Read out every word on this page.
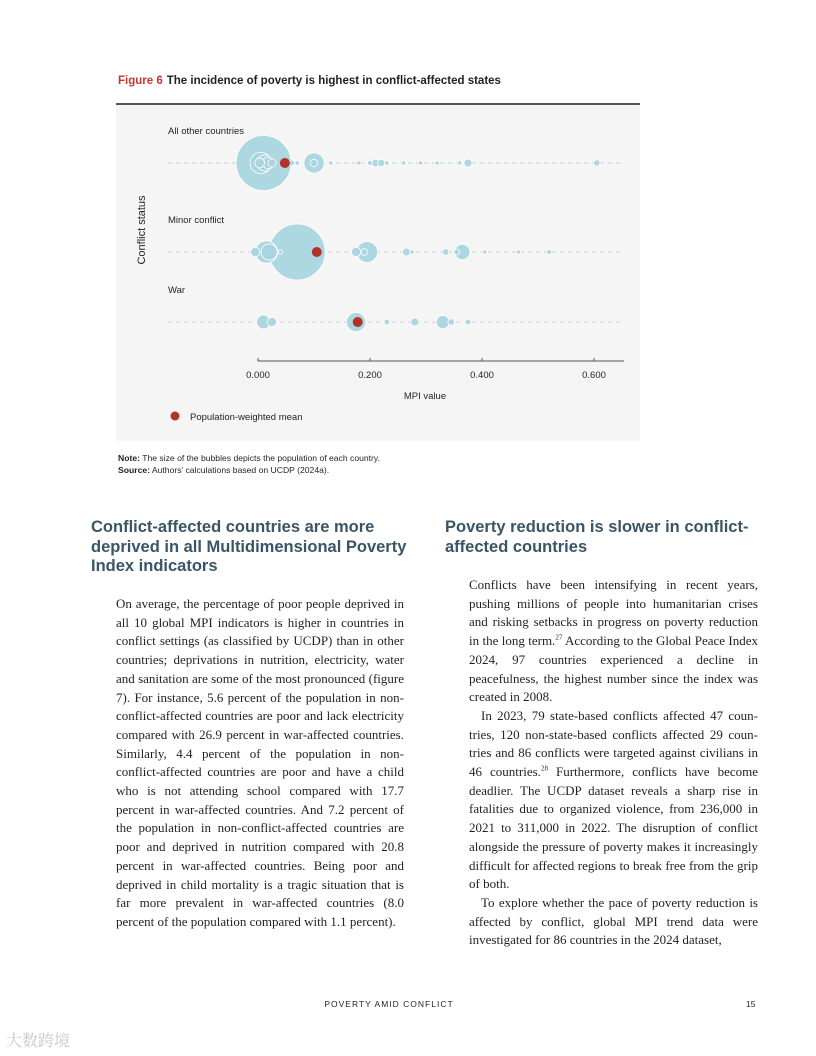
Figure 6 The incidence of poverty is highest in conflict-affected states
Conflict status
All other countries
Minor conflict
War
0.000	0.200	0.400	0.600
MPI value
Population-weighted mean
Note: The size of the bubbles depicts the population of each country.
Source: Authors’ calculations based on UCDP (2024a).
Conflict-affected countries are more deprived in all Multidimensional Poverty Index indicators

On average, the percentage of poor people deprived in all 10 global MPI indicators is higher in countries in conflict settings (as classified by UCDP) than in other countries; deprivations in nutrition, electricity, water and sanitation are some of the most pronounced (figure 7). For instance, 5.6 percent of the population in non-conflict-affected countries are poor and lack electricity compared with 26.9 percent in war-affected countries. Similarly, 4.4 percent of the population in non-conflict-affected countries are poor and have a child who is not attending school compared with 17.7 percent in war-affected countries. And 7.2 percent of the population in non-conflict-affected countries are poor and deprived in nutrition compared with 20.8 percent in war-affected countries. Being poor and deprived in child mortality is a tragic situation that is far more prevalent in war-affected countries (8.0 percent of the population compared with 1.1 percent).

Poverty reduction is slower in conflict-affected countries

Conflicts have been intensifying in recent years, pushing millions of people into humanitarian crises and risking setbacks in progress on poverty reduction in the long term.$^{27}$ According to the Global Peace Index 2024, 97 countries experienced a decline in peacefulness, the highest number since the index was created in 2008.

In 2023, 79 state-based conflicts affected 47 countries, 120 non-state-based conflicts affected 29 countries and 86 conflicts were targeted against civilians in 46 countries.$^{28}$ Furthermore, conflicts have become deadlier. The UCDP dataset reveals a sharp rise in fatalities due to organized violence, from 236,000 in 2021 to 311,000 in 2022. The disruption of conflict alongside the pressure of poverty makes it increasingly difficult for affected regions to break free from the grip of both.

To explore whether the pace of poverty reduction is affected by conflict, global MPI trend data were investigated for 86 countries in the 2024 dataset,

POVERTY AMID CONFLICT	15
大数跨境
